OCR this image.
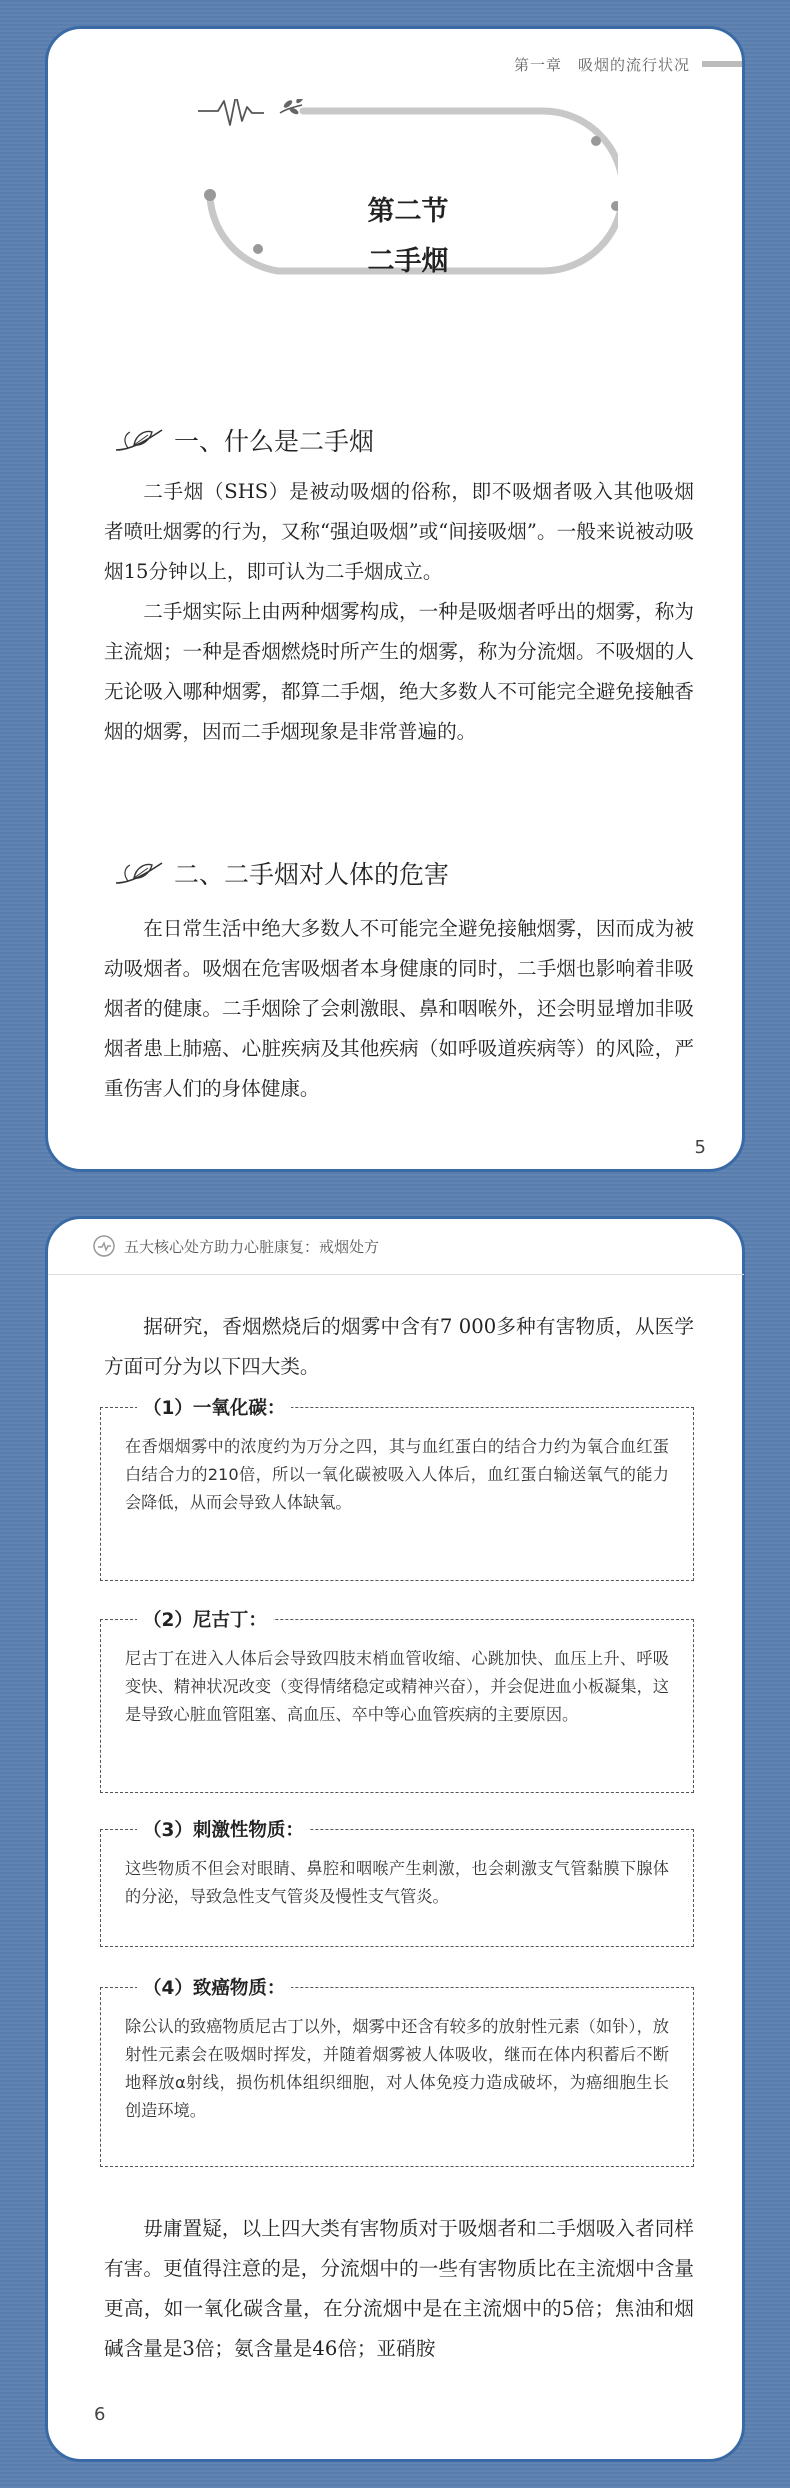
第一章　吸烟的流行状况
第二节
二手烟
一、什么是二手烟

二手烟（SHS）是被动吸烟的俗称，即不吸烟者吸入其他吸烟者喷吐烟雾的行为，又称“强迫吸烟”或“间接吸烟”。一般来说被动吸烟15分钟以上，即可认为二手烟成立。

二手烟实际上由两种烟雾构成，一种是吸烟者呼出的烟雾，称为主流烟；一种是香烟燃烧时所产生的烟雾，称为分流烟。不吸烟的人无论吸入哪种烟雾，都算二手烟，绝大多数人不可能完全避免接触香烟的烟雾，因而二手烟现象是非常普遍的。

二、二手烟对人体的危害

在日常生活中绝大多数人不可能完全避免接触烟雾，因而成为被动吸烟者。吸烟在危害吸烟者本身健康的同时，二手烟也影响着非吸烟者的健康。二手烟除了会刺激眼、鼻和咽喉外，还会明显增加非吸烟者患上肺癌、心脏疾病及其他疾病（如呼吸道疾病等）的风险，严重伤害人们的身体健康。

5
五大核心处方助力心脏康复：戒烟处方

据研究，香烟燃烧后的烟雾中含有7 000多种有害物质，从医学方面可分为以下四大类。

（1）一氧化碳：

在香烟烟雾中的浓度约为万分之四，其与血红蛋白的结合力约为氧合血红蛋白结合力的210倍，所以一氧化碳被吸入人体后，血红蛋白输送氧气的能力会降低，从而会导致人体缺氧。

（2）尼古丁：

尼古丁在进入人体后会导致四肢末梢血管收缩、心跳加快、血压上升、呼吸变快、精神状况改变（变得情绪稳定或精神兴奋），并会促进血小板凝集，这是导致心脏血管阻塞、高血压、卒中等心血管疾病的主要原因。

（3）刺激性物质：

这些物质不但会对眼睛、鼻腔和咽喉产生刺激，也会刺激支气管黏膜下腺体的分泌，导致急性支气管炎及慢性支气管炎。

（4）致癌物质：

除公认的致癌物质尼古丁以外，烟雾中还含有较多的放射性元素（如钋），放射性元素会在吸烟时挥发，并随着烟雾被人体吸收，继而在体内积蓄后不断地释放α射线，损伤机体组织细胞，对人体免疫力造成破坏，为癌细胞生长创造环境。

毋庸置疑，以上四大类有害物质对于吸烟者和二手烟吸入者同样有害。更值得注意的是，分流烟中的一些有害物质比在主流烟中含量更高，如一氧化碳含量，在分流烟中是在主流烟中的5倍；焦油和烟碱含量是3倍；氨含量是46倍；亚硝胺

6
